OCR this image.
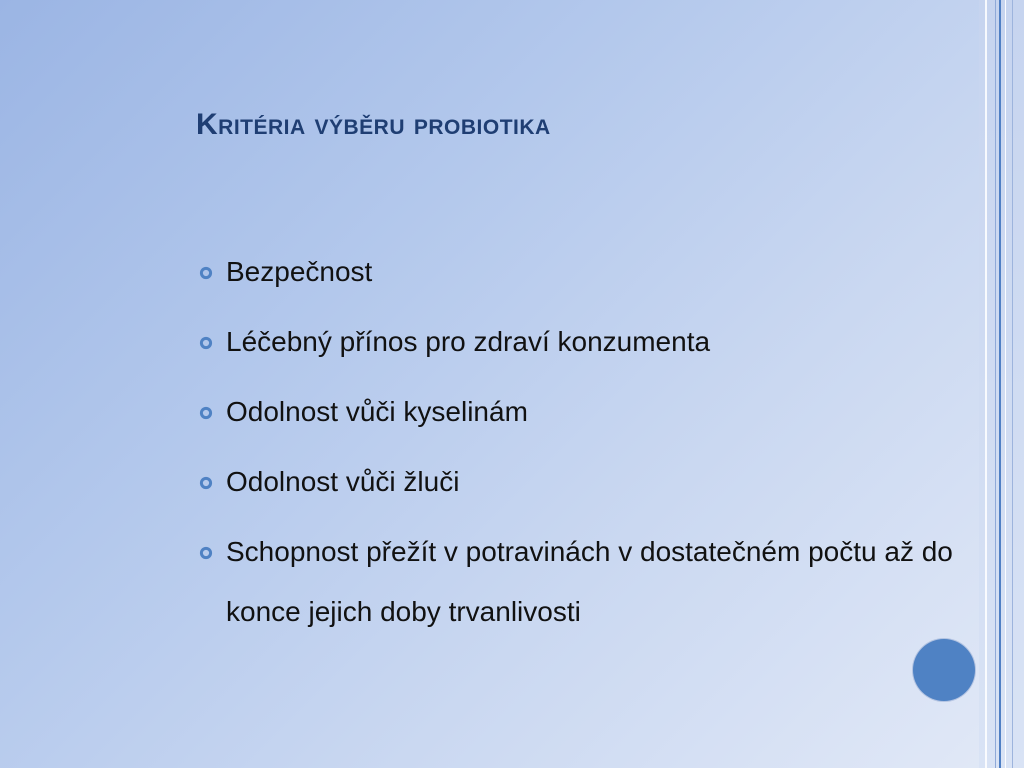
Kritéria výběru probiotika
Bezpečnost
Léčebný přínos pro zdraví konzumenta
Odolnost vůči kyselinám
Odolnost vůči žluči
Schopnost přežít v potravinách v dostatečném počtu až do konce jejich doby trvanlivosti
